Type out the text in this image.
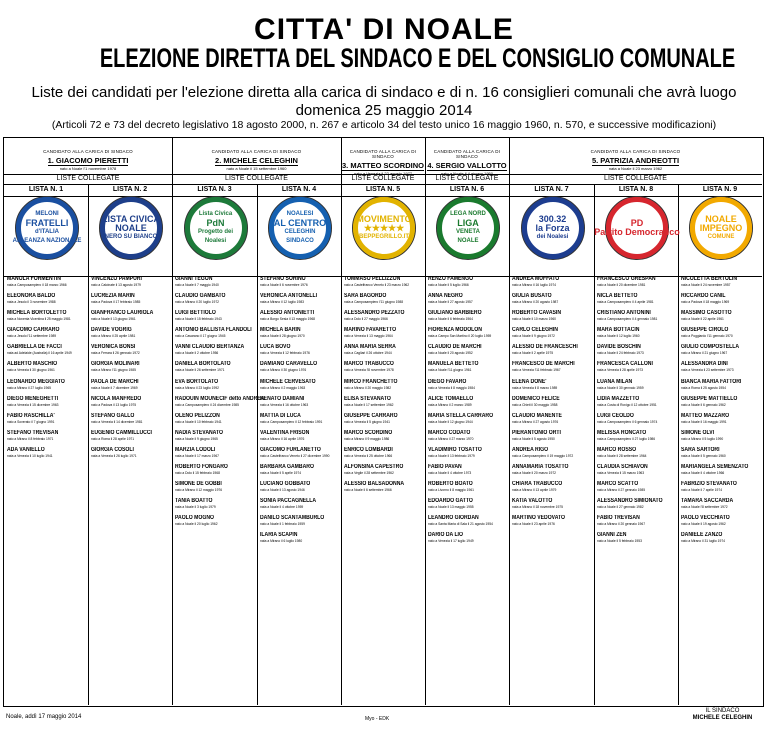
CITTA' DI NOALE
ELEZIONE DIRETTA DEL SINDACO E DEL CONSIGLIO COMUNALE
Liste dei candidati per l'elezione diretta alla carica di sindaco e di n. 16 consiglieri comunali che avrà luogo
domenica 25 maggio 2014
(Articoli 72 e 73 del decreto legislativo 18 agosto 2000, n. 267 e articolo 34 del testo unico 16 maggio 1960, n. 570, e successive modificazioni)
CANDIDATO ALLA CARICA DI SINDACO
1. GIACOMO PIERETTI
nato a Noale l'1 novembre 1978
LISTE COLLEGATE
CANDIDATO ALLA CARICA DI SINDACO
2. MICHELE CELEGHIN
nato a Noale il 15 settembre 1960
LISTE COLLEGATE
CANDIDATO ALLA CARICA DI SINDACO
3. MATTEO SCORDINO
nato a Venezia il 22 agosto 1977
LISTE COLLEGATE
CANDIDATO ALLA CARICA DI SINDACO
4. SERGIO VALLOTTO
nato a Noale il 4 giugno 1950
LISTE COLLEGATE
CANDIDATO ALLA CARICA DI SINDACO
5. PATRIZIA ANDREOTTI
nata a Noale il 23 marzo 1962
LISTE COLLEGATE
LISTA N. 1
MELONI
FRATELLI
d'ITALIA
ALLEANZA NAZIONALE
MANOLA FORMENTIN
nata a Camposampiero il 18 marzo 1966
ELEONORA BALDO
nata a Jesolo il 3 novembre 1988
MICHELA BORTOLETTO
nata a Noventa Vicentina il 25 maggio 1981
GIACOMO CARRARO
nato a Jesolo l'11 settembre 1989
GABRIELLA DE FACCI
nata ad Adelaide (Australia) il 16 aprile 1949
ALBERTO MASCHIO
nato a Venezia il 30 giugno 1961
LEONARDO MEGGIATO
nato a Mirano il 27 luglio 1965
DIEGO MENEGHETTI
nato a Venezia il 15 dicembre 1963
FABIO RASCHILLA'
nato a Soverato il 7 giugno 1991
STEFANO TREVISAN
nato a Mirano il 8 febbraio 1971
ADA VANIELLO
nata a Venezia il 10 luglio 1941
LISTA N. 2
LISTA CIVICA
NOALE
NERO SU BIANCO
VINCENZO PAMPURI
nato a Calcinate il 13 agosto 1979
LUCREZIA MARIN
nata a Padova il 17 febbraio 1985
GIANFRANCO LAURIOLA
nato a Noale il 13 giugno 1961
DAVIDE VOGRIG
nato a Mirano il 25 aprile 1981
VERONICA BONSI
nata a Ferrara il 26 gennaio 1972
GIORGIA MOLINARI
nata a Mirano l'11 giugno 1985
PAOLA DE MARCHI
nata a Noale il 7 dicembre 1969
NICOLA MANFREDO
nato a Padova il 13 luglio 1975
STEFANO GALLO
nato a Venezia il 14 dicembre 1981
EUGENIO CAMMILLUCCI
nato a Roma il 28 aprile 1971
GIORGIA COSOLI
nata a Venezia il 26 luglio 1971
LISTA N. 3
Lista Civica
PdN
Progetto dei
Noalesi
GIANNI TEGON
nato a Noale il 7 maggio 1940
CLAUDIO GAMBATO
nato a Mirano il 20 luglio 1972
LUIGI BETTIOLO
nato a Noale il 15 febbraio 1943
ANTONIO BALLISTA FLANDOLI
nato a Casarano il 17 giugno 1945
VANNI CLAUDIO BERTANZA
nato a Noale il 2 ottobre 1956
DANIELA BORTOLATO
nata a Noale il 26 settembre 1971
EVA BORTOLATO
nata a Mirano il 23 luglio 1992
RADOUIN MOUNECIF detto ANDREA
nato a Camposampiero il 24 dicembre 1985
OLENO PELIZZON
nato a Noale il 10 febbraio 1941
NADIA STEVANATO
nata a Noale il 9 giugno 1965
MARZIA LODOLI
nata a Noale il 17 marzo 1967
ROBERTO FONGARO
nato a Dolo il 15 febbraio 1968
SIMONE DE GOBBI
nato a Mirano il 12 maggio 1976
TANIA BOATTO
nata a Noale il 3 luglio 1979
PAOLO MOGNO
nato a Noale il 20 luglio 1962
LISTA N. 4
NOALESI
AL CENTRO
CELEGHIN
SINDACO
STEFANO SORINO
nato a Noale il 6 novembre 1976
VERONICA ANTONELLI
nata a Mirano il 12 luglio 1983
ALESSIO ANTONIETTI
nato a Borgo Sesia il 13 maggio 1968
MICHELA BARIN
nata a Noale il 28 giugno 1970
LUCA BOVO
nato a Venezia il 12 febbraio 1976
DAMIANO CARAVELLO
nato a Mirano il 30 giugno 1976
MICHELE CERVESATO
nato a Mirano il 2 maggio 1963
RENATO DAMIANI
nato a Venezia il 16 ottobre 1963
MATTIA DI LUCA
nato a Camposampiero il 12 febbraio 1991
VALENTINA FRISON
nata a Mirano il 16 aprile 1976
GIACOMO FURLANETTO
nato a Castelfranco Veneto il 27 dicembre 1990
BARBARA GAMBARO
nata a Noale il 5 aprile 1974
LUCIANO GOBBATO
nato a Noale il 13 agosto 1946
SONIA PACCAGNELLA
nata a Noale il 4 ottobre 1959
DANILO SCANTAMBURLO
nato a Noale il 1 febbraio 1959
ILARIA SCAPIN
nata a Mirano il 6 luglio 1980
LISTA N. 5
MOVIMENTO
★★★★★
BEPPEGRILLO.IT
TOMMASO PELLIZZON
nato a Castelfranco Veneto il 23 marzo 1962
SARA BAGORDO
nata a Camposampiero l'11 giugno 1988
ALESSANDRO PEZZATO
nato a Dolo il 27 maggio 1966
MARINO FAVARETTO
nato a Venezia il 13 maggio 1964
ANNA MARIA SERRA
nata a Cagliari il 26 ottobre 1944
MARCO TRABUCCO
nato a Venezia l'8 novembre 1978
MIRCO FRANCHETTO
nato a Mirano il 20 maggio 1982
ELISA STEVANATO
nata a Noale il 17 settembre 1962
GIUSEPPE CARRARO
nato a Venezia il 5 giugno 1941
MARCO SCORDINO
nato a Mirano il 9 maggio 1986
ENRICO LOMBARDI
nato a Venezia il 25 ottobre 1966
ALFONSINA CAPESTRO
nata a Veglie il 28 settembre 1962
ALESSIO BALSADONNA
nato a Noale il 6 settembre 1966
LISTA N. 6
LEGA NORD
LIGA
VENETA
NOALE
RENZO FAMENGO
nato a Noale il 5 luglio 1966
ANNA NEGRO
nata a Noale il 27 agosto 1957
GIULIANO BARBIERO
nato a Noale il 6 febbraio 1964
FIORENZA MODOLON
nata a Campo San Martino il 20 luglio 1959
CLAUDIO DE MARCHI
nato a Noale il 20 agosto 1952
MANUELA BETTETO
nata a Noale l'11 giugno 1961
DIEGO FAVARO
nato a Venezia il 8 maggio 1984
ALICE TOMAELLO
nata a Mirano il 2 marzo 1989
MARIA STELLA CARRARO
nata a Noale il 12 giugno 1944
MARCO CODATO
nato a Mirano il 27 marzo 1970
VLADIMIRO TOSATTO
nato a Noale il 13 febbraio 1979
FABIO PAVAN
nato a Noale il 4 ottobre 1973
ROBERTO BOATO
nato a Livorno il 8 maggio 1961
EDOARDO GATTO
nato a Noale il 13 maggio 1955
LEANDRO GIORDAN
nato a Santa Maria di Sala il 21 agosto 1954
DARIO DA LIO
nato a Venezia il 17 luglio 1949
LISTA N. 7
300.32
la Forza
dei Noalesi
ANDREA MUFFATO
nato a Mirano il 16 luglio 1974
GIULIA BUSATO
nata a Mirano il 20 agosto 1987
ROBERTO CAVASIN
nato a Noale il 10 marzo 1960
CARLO CELEGHIN
nato a Noale il 9 giugno 1972
ALESSIO DE FRANCESCHI
nato a Noale il 2 aprile 1975
FRANCESCO DE MARCHI
nato a Venezia l'11 febbraio 1967
ELENA DONE'
nata a Venezia il 8 marzo 1989
DOMENICO FELICE
nato a Chieti il 30 maggio 1958
CLAUDIO MANENTE
nato a Mirano il 27 agosto 1976
PIERANTONIO ORTI
nato a Noale il 5 agosto 1950
ANDREA RIGO
nato a Camposampiero il 19 maggio 1972
ANNAMARIA TOSATTO
nata a Noale il 20 marzo 1972
CHIARA TRABUCCO
nata a Mirano il 13 aprile 1979
KATIA VALOTTO
nata a Mirano il 18 novembre 1975
MARTINO VEDOVATO
nato a Noale il 23 aprile 1976
LISTA N. 8
PD
Partito Democratico
FRANCESCO GRESPAN
nato a Noale il 20 dicembre 1981
NICLA BETTETO
nata a Camposampiero il 4 aprile 1981
CRISTIANO ANTONINI
nato a Camposampiero il 4 gennaio 1981
MARA BOTTACIN
nata a Noale il 12 luglio 1960
DAVIDE BOSCHIN
nato a Noale il 24 febbraio 1973
FRANCESCA CALLONI
nata a Venezia il 28 aprile 1973
LUANA MILAN
nata a Noale il 30 gennaio 1959
LIDIA MAZZETTO
nata a Costa di Rovigo il 12 ottobre 1951
LUIGI CEOLDO
nato a Camposampiero il 6 gennaio 1974
MELISSA RONCATO
nata a Camposampiero il 27 luglio 1986
MARCO ROSSO
nato a Noale il 28 settembre 1964
CLAUDIA SCHIAVON
nata a Venezia il 15 marzo 1963
MARCO SCATTO
nato a Mirano il 27 gennaio 1985
ALESSANDRO SIMIONATO
nato a Noale il 27 gennaio 1982
FABIO TREVISAN
nato a Mirano il 20 gennaio 1967
GIANNI ZEN
nato a Noale il 5 febbraio 1953
LISTA N. 9
NOALE
IMPEGNO
COMUNE
NICOLETTA BERTOLIN
nata a Noale il 24 novembre 1957
RICCARDO CANIL
nato a Padova il 18 maggio 1969
MASSIMO CASOTTO
nato a Noale il 22 aprile 1961
GIUSEPPE CIROLO
nato a Poggiardo l'11 gennaio 1970
GIULIO COMPOSTELLA
nato a Mirano il 21 giugno 1967
ALESSANDRA DINI
nata a Venezia il 23 settembre 1973
BIANCA MARIA FATTORI
nata a Roma il 25 agosto 1954
GIUSEPPE MATTIELLO
nato a Noale il 6 gennaio 1962
MATTEO MAZZARO
nato a Noale il 16 maggio 1991
SIMONE OLVI
nato a Mirano il 5 luglio 1990
SARA SARTORI
nata a Noale il 5 gennaio 1960
MARIANGELA SEMENZATO
nata a Noale il 4 ottobre 1966
FABRIZIO STEVANATO
nato a Noale il 7 aprile 1974
TAMARA SACCARDA
nata a Noale l'8 settembre 1972
PAOLO VECCHIATO
nato a Noale il 19 agosto 1962
DANIELE ZANZO
nato a Mirano il 31 luglio 1974
Noale, addì 17 maggio 2014	Myo - EDK
IL SINDACO
MICHELE CELEGHIN
